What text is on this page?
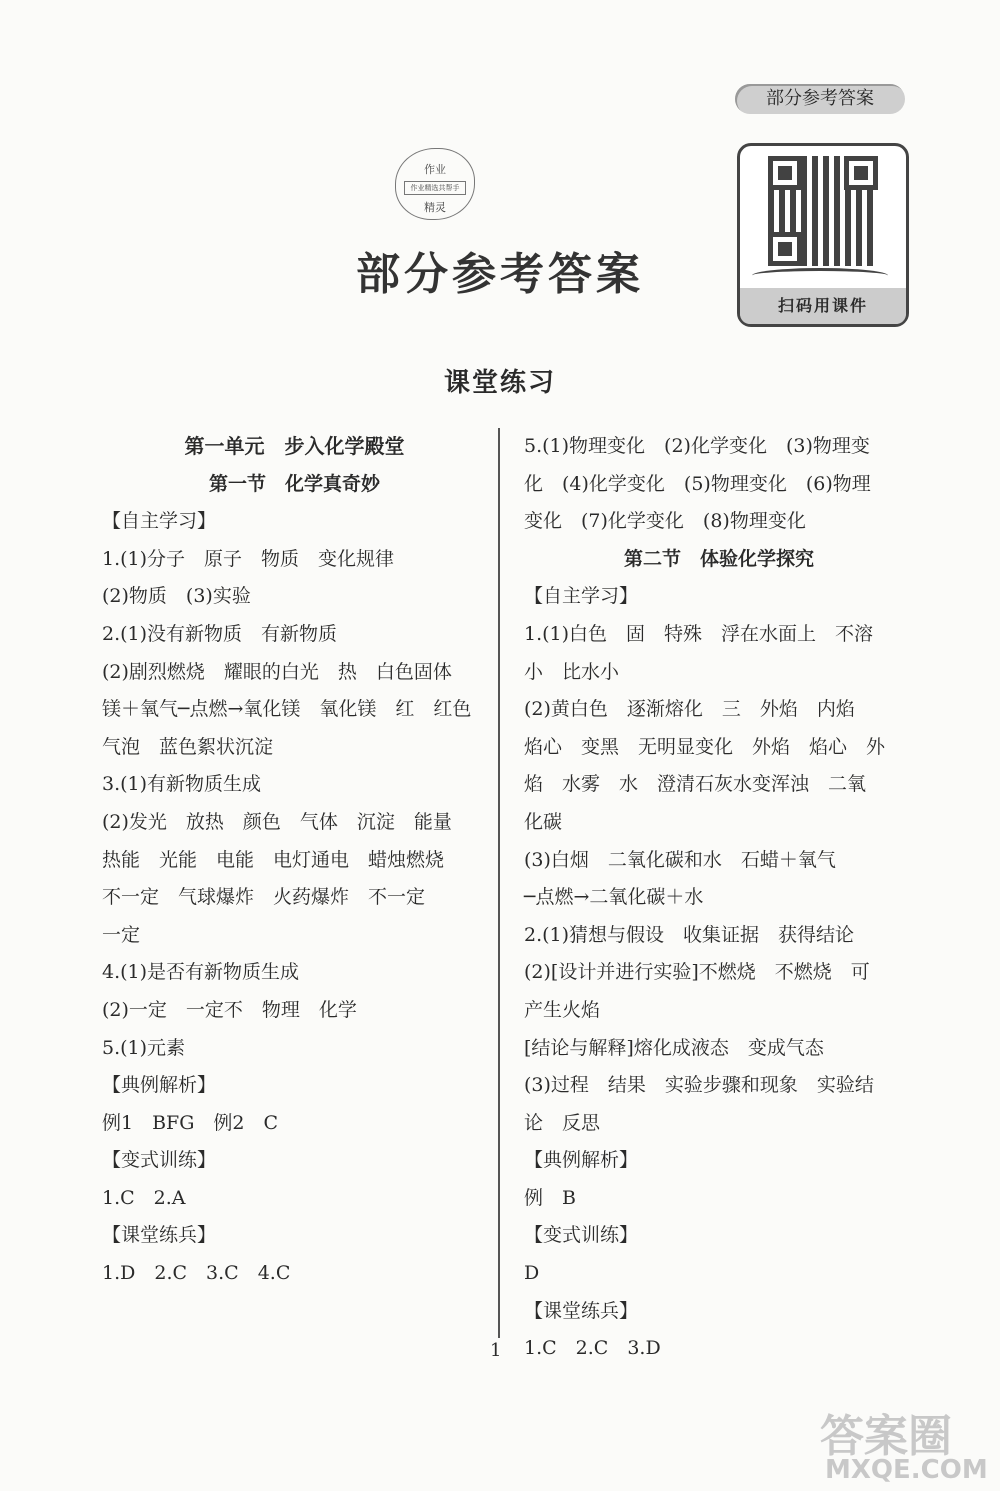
部分参考答案
作业
作业精选共帮手
精灵
部分参考答案
扫码用课件
课堂练习
第一单元　步入化学殿堂
第一节　化学真奇妙
【自主学习】
1.(1)分子　原子　物质　变化规律
(2)物质　(3)实验
2.(1)没有新物质　有新物质
(2)剧烈燃烧　耀眼的白光　热　白色固体
镁＋氧气─点燃→氧化镁　氧化镁　红　红色
气泡　蓝色絮状沉淀
3.(1)有新物质生成
(2)发光　放热　颜色　气体　沉淀　能量
热能　光能　电能　电灯通电　蜡烛燃烧
不一定　气球爆炸　火药爆炸　不一定
一定
4.(1)是否有新物质生成
(2)一定　一定不　物理　化学
5.(1)元素
【典例解析】
例1　BFG　例2　C
【变式训练】
1.C　2.A
【课堂练兵】
1.D　2.C　3.C　4.C
5.(1)物理变化　(2)化学变化　(3)物理变
化　(4)化学变化　(5)物理变化　(6)物理
变化　(7)化学变化　(8)物理变化
第二节　体验化学探究
【自主学习】
1.(1)白色　固　特殊　浮在水面上　不溶
小　比水小
(2)黄白色　逐渐熔化　三　外焰　内焰
焰心　变黑　无明显变化　外焰　焰心　外
焰　水雾　水　澄清石灰水变浑浊　二氧
化碳
(3)白烟　二氧化碳和水　石蜡＋氧气
─点燃→二氧化碳＋水
2.(1)猜想与假设　收集证据　获得结论
(2)[设计并进行实验]不燃烧　不燃烧　可
产生火焰
[结论与解释]熔化成液态　变成气态
(3)过程　结果　实验步骤和现象　实验结
论　反思
【典例解析】
例　B
【变式训练】
D
【课堂练兵】
1.C　2.C　3.D
1
答案圈
MXQE.COM
